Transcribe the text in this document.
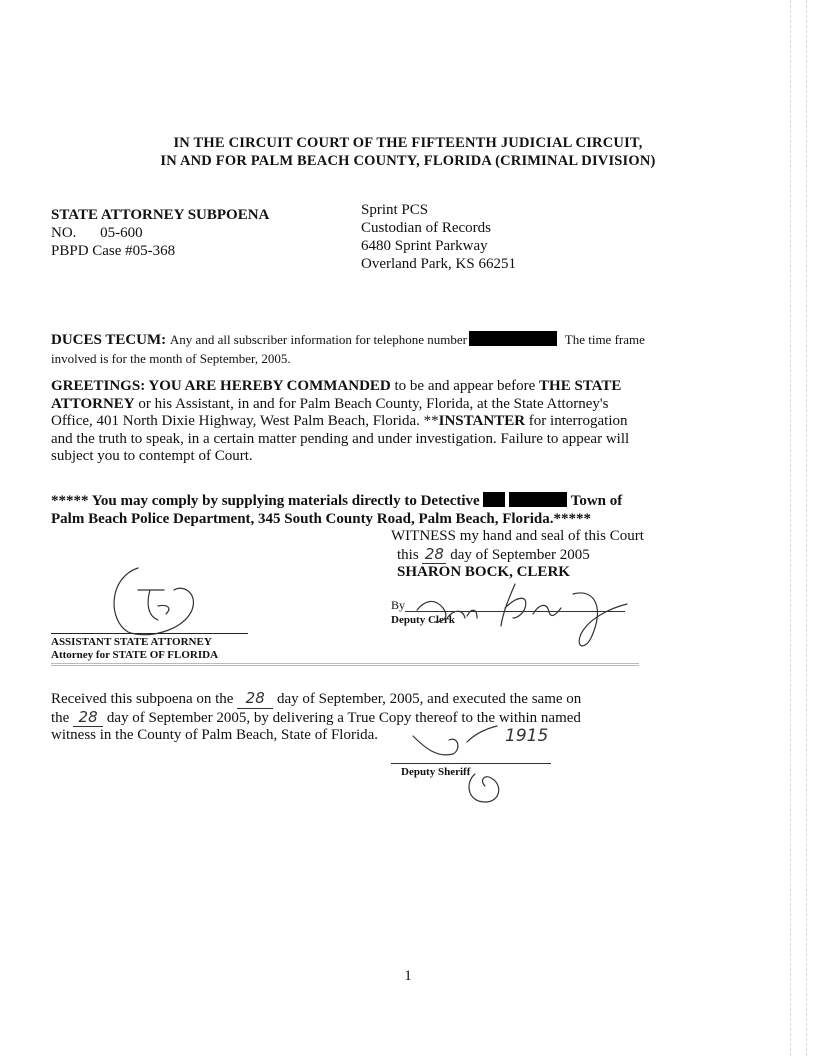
IN THE CIRCUIT COURT OF THE FIFTEENTH JUDICIAL CIRCUIT,
IN AND FOR PALM BEACH COUNTY, FLORIDA (CRIMINAL DIVISION)
STATE ATTORNEY SUBPOENA
NO. 05-600
PBPD Case #05-368
Sprint PCS
Custodian of Records
6480 Sprint Parkway
Overland Park, KS 66251
DUCES TECUM: Any and all subscriber information for telephone number	The time frame
involved is for the month of September, 2005.
GREETINGS: YOU ARE HEREBY COMMANDED to be and appear before THE STATE
ATTORNEY or his Assistant, in and for Palm Beach County, Florida, at the State Attorney's
Office, 401 North Dixie Highway, West Palm Beach, Florida. **INSTANTER for interrogation
and the truth to speak, in a certain matter pending and under investigation. Failure to appear will
subject you to contempt of Court.
***** You may comply by supplying materials directly to Detective	Town of
Palm Beach Police Department, 345 South County Road, Palm Beach, Florida.*****
WITNESS my hand and seal of this Court
this 28 day of September 2005
SHARON BOCK, CLERK
By
Deputy Clerk
ASSISTANT STATE ATTORNEY
Attorney for STATE OF FLORIDA
Received this subpoena on the 28 day of September, 2005, and executed the same on
the 28 day of September 2005, by delivering a True Copy thereof to the within named
witness in the County of Palm Beach, State of Florida.	1915
Deputy Sheriff
1
